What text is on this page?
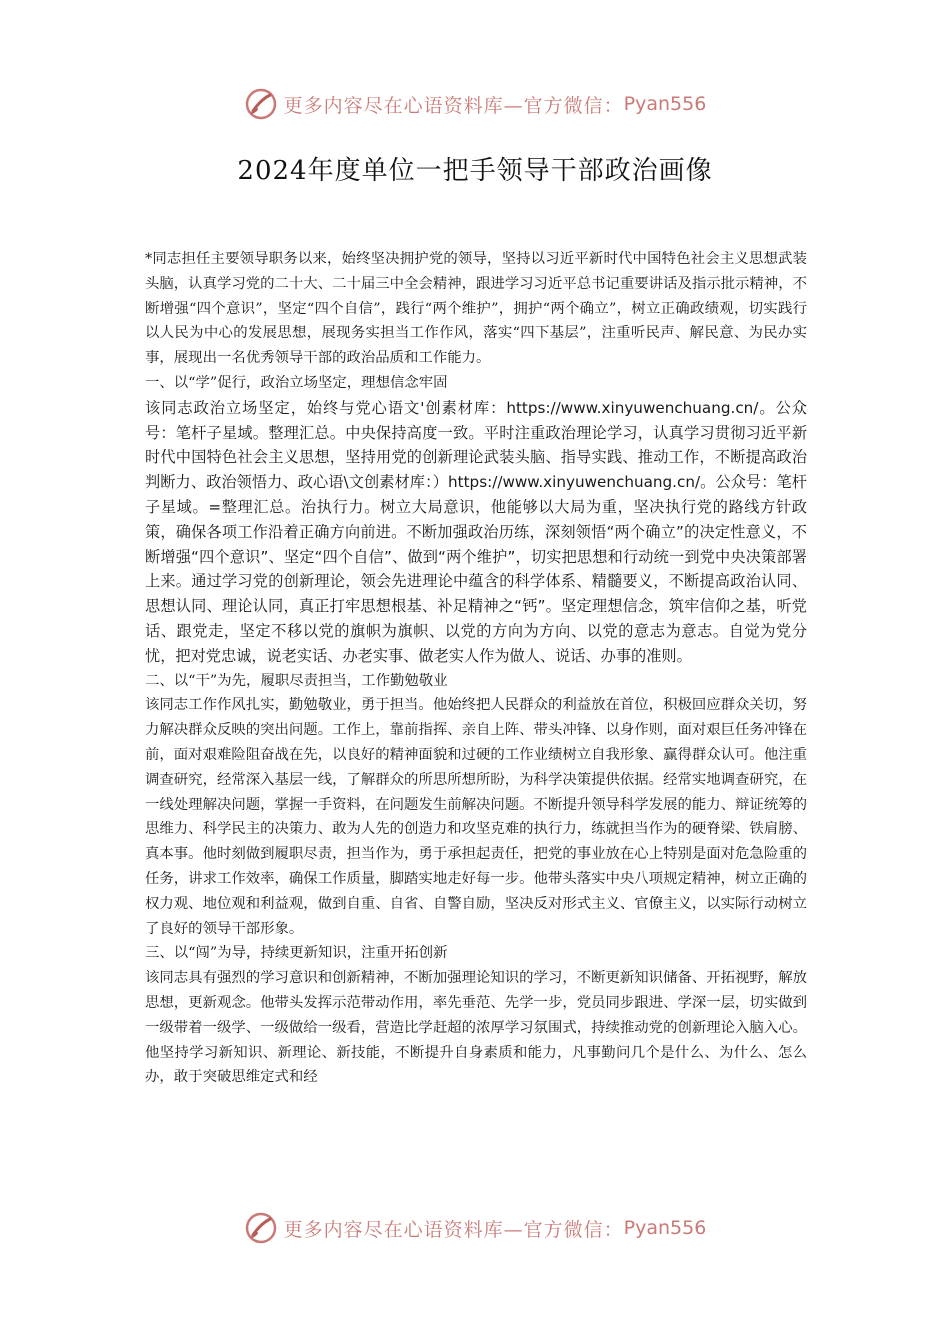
更多内容尽在心语资料库—官方微信： Pyan556
2024年度单位一把手领导干部政治画像

*同志担任主要领导职务以来，始终坚决拥护党的领导，坚持以习近平新时代中国特色社会主义思想武装头脑，认真学习党的二十大、二十届三中全会精神，跟进学习习近平总书记重要讲话及指示批示精神，不断增强“四个意识”，坚定“四个自信”，践行“两个维护”，拥护“两个确立”，树立正确政绩观，切实践行以人民为中心的发展思想，展现务实担当工作作风，落实“四下基层”，注重听民声、解民意、为民办实事，展现出一名优秀领导干部的政治品质和工作能力。

一、以“学”促行，政治立场坚定，理想信念牢固

该同志政治立场坚定，始终与党心语文'创素材库：https://www.xinyuwenchuang.cn/。公众号：笔杆子星域。整理汇总。中央保持高度一致。平时注重政治理论学习，认真学习贯彻习近平新时代中国特色社会主义思想，坚持用党的创新理论武装头脑、指导实践、推动工作，不断提高政治判断力、政治领悟力、政心语\文创素材库：）https://www.xinyuwenchuang.cn/。公众号：笔杆子星域。=整理汇总。治执行力。树立大局意识，他能够以大局为重，坚决执行党的路线方针政策，确保各项工作沿着正确方向前进。不断加强政治历练，深刻领悟“两个确立”的决定性意义，不断增强“四个意识”、坚定“四个自信”、做到“两个维护”，切实把思想和行动统一到党中央决策部署上来。通过学习党的创新理论，领会先进理论中蕴含的科学体系、精髓要义，不断提高政治认同、思想认同、理论认同，真正打牢思想根基、补足精神之“钙”。坚定理想信念，筑牢信仰之基，听党话、跟党走，坚定不移以党的旗帜为旗帜、以党的方向为方向、以党的意志为意志。自觉为党分忧，把对党忠诚，说老实话、办老实事、做老实人作为做人、说话、办事的准则。

二、以“干”为先，履职尽责担当，工作勤勉敬业

该同志工作作风扎实，勤勉敬业，勇于担当。他始终把人民群众的利益放在首位，积极回应群众关切，努力解决群众反映的突出问题。工作上，靠前指挥、亲自上阵、带头冲锋、以身作则，面对艰巨任务冲锋在前，面对艰难险阻奋战在先，以良好的精神面貌和过硬的工作业绩树立自我形象、赢得群众认可。他注重调查研究，经常深入基层一线，了解群众的所思所想所盼，为科学决策提供依据。经常实地调查研究，在一线处理解决问题，掌握一手资料，在问题发生前解决问题。不断提升领导科学发展的能力、辩证统筹的思维力、科学民主的决策力、敢为人先的创造力和攻坚克难的执行力，练就担当作为的硬脊梁、铁肩膀、真本事。他时刻做到履职尽责，担当作为，勇于承担起责任，把党的事业放在心上特别是面对危急险重的任务，讲求工作效率，确保工作质量，脚踏实地走好每一步。他带头落实中央八项规定精神，树立正确的权力观、地位观和利益观，做到自重、自省、自警自励，坚决反对形式主义、官僚主义，以实际行动树立了良好的领导干部形象。

三、以“闯”为导，持续更新知识，注重开拓创新

该同志具有强烈的学习意识和创新精神，不断加强理论知识的学习，不断更新知识储备、开拓视野，解放思想，更新观念。他带头发挥示范带动作用，率先垂范、先学一步，党员同步跟进、学深一层，切实做到一级带着一级学、一级做给一级看，营造比学赶超的浓厚学习氛围式，持续推动党的创新理论入脑入心。他坚持学习新知识、新理论、新技能，不断提升自身素质和能力，凡事勤问几个是什么、为什么、怎么办，敢于突破思维定式和经

更多内容尽在心语资料库—官方微信： Pyan556
